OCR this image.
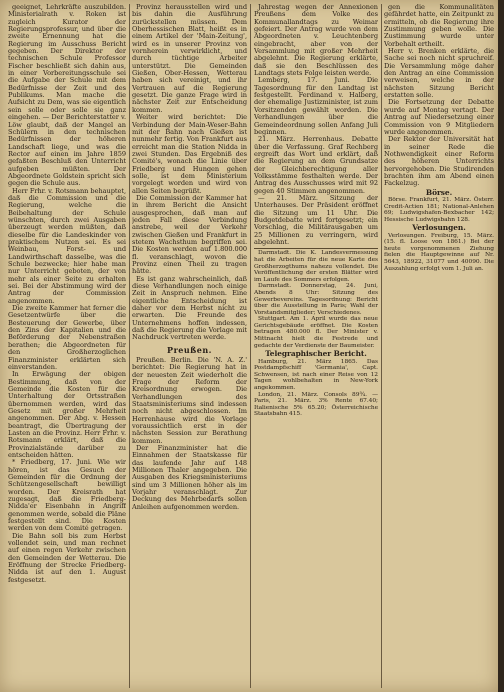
geeignet, Lehrkräfte auszubilden. Ministerialrath v. Roken ist zugleich Kurator der Regierungsprofessur, und über die zweite Ernennung hat die Regierung im Ausschuss Bericht gegeben. Der Direktor der technischen Schule Professor Fischer beschließt sich dahin aus, in einer Vorbereitungsschule sei die Aufgabe der Schule mit dem Bedürfnisse der Zeit und des Publikums. Man mache die Aufsicht zu Dem, was sie eigentlich sein solle oder solle sie ganz eingehen. — Der Berichterstatter v. Löw glaubt, daß der Mangel an Schülern in den technischen Bedürfnissen der höheren Landschaft liege, und was die Rector auf einen im Jahre 1859 gefaßten Beschluß den Unterricht aufgeben müßten. Der Abgeordnete Goldstein spricht sich gegen die Schule aus.

Herr Frhr. v. Rotsmann behauptet, daß die Commission und die Regierung, welche die Beibehaltung der Schule wünschten, durch zwei Ausgaben überzeugt werden müßten, daß dieselbe für die Landeskinder von praktischem Nutzen sei. Es sei Weinbau, Forst- und Landwirthschaft dasselbe, was die Schule bezwecke; hier habe man nur Unterricht geboten, der von mehr als einer Seite zu erhalten sei. Bei der Abstimmung wird der Antrag der Commission angenommen.

Die zweite Kammer hat ferner die Gesetzentwürfe über die Besteuerung der Gewerbe, über den Zins der Kapitalien und die Beförderung der Nebenstraßen berathen; die Abgeordneten für den Großherzoglichen Finanzminister erklärten sich einverstanden.

In Erwägung der obigen Bestimmung, daß von der Gemeinde die Kosten für die Unterhaltung der Ortsstraßen übernommen werden, wird das Gesetz mit großer Mehrheit angenommen. Der Abg. v. Hessen beantragt, die Übertragung der Lasten an die Provinz. Herr Frhr. v. Rotsmann erklärt, daß die Provinzialstände darüber zu entscheiden hätten.

* Friedberg, 17. Juni. Wie wir hören, ist das Gesuch der Gemeinden für die Ordnung der Schützengesellschaft bewilligt worden. Der Kreisrath hat zugesagt, daß die Friedberg-Nidda'er Eisenbahn in Angriff genommen werde, sobald die Pläne festgestellt sind. Die Kosten werden von dem Comité getragen.

Die Bahn soll bis zum Herbst vollendet sein, und man rechnet auf einen regen Verkehr zwischen den Gemeinden der Wetterau. Die Eröffnung der Strecke Friedberg-Nidda ist auf den 1. August festgesetzt.

Provinz herausstellen wird und bis dahin die Ausführung zurückstellen müssen. Dem Oberhessischen Blatt, heißt es in einem Artikel der 'Main-Zeitung', wird es in unserer Provinz von vornherein verwirklicht, und durch tüchtige Arbeiter unterstützt. Die Gemeinden Gießen, Ober-Hessen, Wetterau haben sich vereinigt, und ihr Vertrauen auf die Regierung gesetzt. Die ganze Frage wird in nächster Zeit zur Entscheidung kommen.

Weiter wird berichtet: Die Verbindung der Main-Weser-Bahn mit der Bahn nach Gießen ist nunmehr fertig. Von Frankfurt aus erreicht man die Station Nidda in zwei Stunden. Das Ergebniß des Comité's, wonach die Linie über Friedberg und Hungen gehen solle, ist dem Ministerium vorgelegt worden und wird von allen Seiten begrüßt.

Die Commission der Kammer hat in ihrem Bericht die Ansicht ausgesprochen, daß man auf jeden Fall diese Verbindung anstrebe, weil der Verkehr zwischen Gießen und Frankfurt in stetem Wachsthum begriffen sei. Die Kosten werden auf 1.800.000 fl. veranschlagt, wovon die Provinz einen Theil zu tragen hätte.

Es ist ganz wahrscheinlich, daß diese Verhandlungen noch einige Zeit in Anspruch nehmen. Eine eigentliche Entscheidung ist daher vor dem Herbst nicht zu erwarten. Die Freunde des Unternehmens hoffen indessen, daß die Regierung die Vorlage mit Nachdruck vertreten werde.

Preußen.

Preußen. Berlin. Die 'N. A. Z.' berichtet: Die Regierung hat in der neuesten Zeit wiederholt die Frage der Reform der Kreisordnung erwogen. Die Verhandlungen des Staatsministeriums sind indessen noch nicht abgeschlossen. Im Herrenhause wird die Vorlage voraussichtlich erst in der nächsten Session zur Berathung kommen.

Der Finanzminister hat die Einnahmen der Staatskasse für das laufende Jahr auf 148 Millionen Thaler angegeben. Die Ausgaben des Kriegsministeriums sind um 3 Millionen höher als im Vorjahr veranschlagt. Zur Deckung des Mehrbedarfs sollen Anleihen aufgenommen werden.

Jahrestag wegen der Annexionen Preußens dem Volke des Kommunallandtags zu Weimar gefeiert. Der Antrag wurde von dem Abgeordneten v. Leuchtenberg eingebracht, aber von der Versammlung mit großer Mehrheit abgelehnt. Die Regierung erklärte, daß sie den Beschlüssen des Landtags stets Folge leisten werde.

Lemberg, 17. Juni. Die Tagesordnung für den Landtag ist festgestellt. Ferdinand v. Halberg, der ehemalige Justizminister, ist zum Vorsitzenden gewählt worden. Die Verhandlungen über die Gemeindeordnung sollen Anfang Juli beginnen.

21. März. Herrenhaus. Debatte über die Verfassung. Graf Rechberg ergreift das Wort und erklärt, daß die Regierung an dem Grundsatze der Gleichberechtigung aller Volksstämme festhalten werde. Der Antrag des Ausschusses wird mit 92 gegen 40 Stimmen angenommen.

— 21. März. Sitzung der Unterhauses. Der Präsident eröffnet die Sitzung um 11 Uhr. Die Budgetdebatte wird fortgesetzt; ein Vorschlag, die Militärausgaben um 25 Millionen zu verringern, wird abgelehnt.

Darmstadt. Die K. Landesvermessung hat die Arbeiten für die neue Karte des Großherzogthums nahezu vollendet. Die Veröffentlichung der ersten Blätter wird im Laufe des Sommers erfolgen.

Darmstadt. Donnerstag, 24. Juni, Abends 8 Uhr: Sitzung des Gewerbevereins. Tagesordnung: Bericht über die Ausstellung in Paris; Wahl der Vorstandsmitglieder; Verschiedenes.

Stuttgart. Am 1. April wurde das neue Gerichtsgebäude eröffnet. Die Kosten betragen 480.000 fl. Der Minister v. Mittnacht hielt die Festrede und gedachte der Verdienste der Baumeister.

Telegraphischer Bericht.

Hamburg, 21. März 1865. Das Postdampfschiff 'Germania', Capt. Schwensen, ist nach einer Reise von 12 Tagen wohlbehalten in New-York angekommen.

London, 21. März. Consols 89¾. — Paris, 21. März. 3% Rente 67.40; Italienische 5% 65.20; Österreichische Staatsbahn 415.

gen die Kommunalitäten gefährdet hatte, ein Zeitpunkt zu ermitteln, ob die Regierung ihre Zustimmung geben wolle. Die Zustimmung wurde unter Vorbehalt ertheilt.

Herr v. Brenken erklärte, die Sache sei noch nicht spruchreif. Die Versammlung möge daher den Antrag an eine Commission verweisen, welche in der nächsten Sitzung Bericht erstatten solle.

Die Fortsetzung der Debatte wurde auf Montag vertagt. Der Antrag auf Niedersetzung einer Commission von 9 Mitgliedern wurde angenommen.

Der Rektor der Universität hat in seiner Rede die Nothwendigkeit einer Reform des höheren Unterrichts hervorgehoben. Die Studirenden brachten ihm am Abend einen Fackelzug.

Börse.

Börse. Frankfurt, 21. März. Österr. Credit-Actien 181; National-Anlehen 69; Ludwigshafen-Bexbacher 142; Hessische Ludwigsbahn 128.

Verlosungen.

Verlosungen. Freiburg, 15. März. (15. fl. Loose von 1861.) Bei der heute vorgenommenen Ziehung fielen die Hauptgewinne auf Nr. 5643, 18922, 31077 und 40090. Die Auszahlung erfolgt vom 1. Juli an.
